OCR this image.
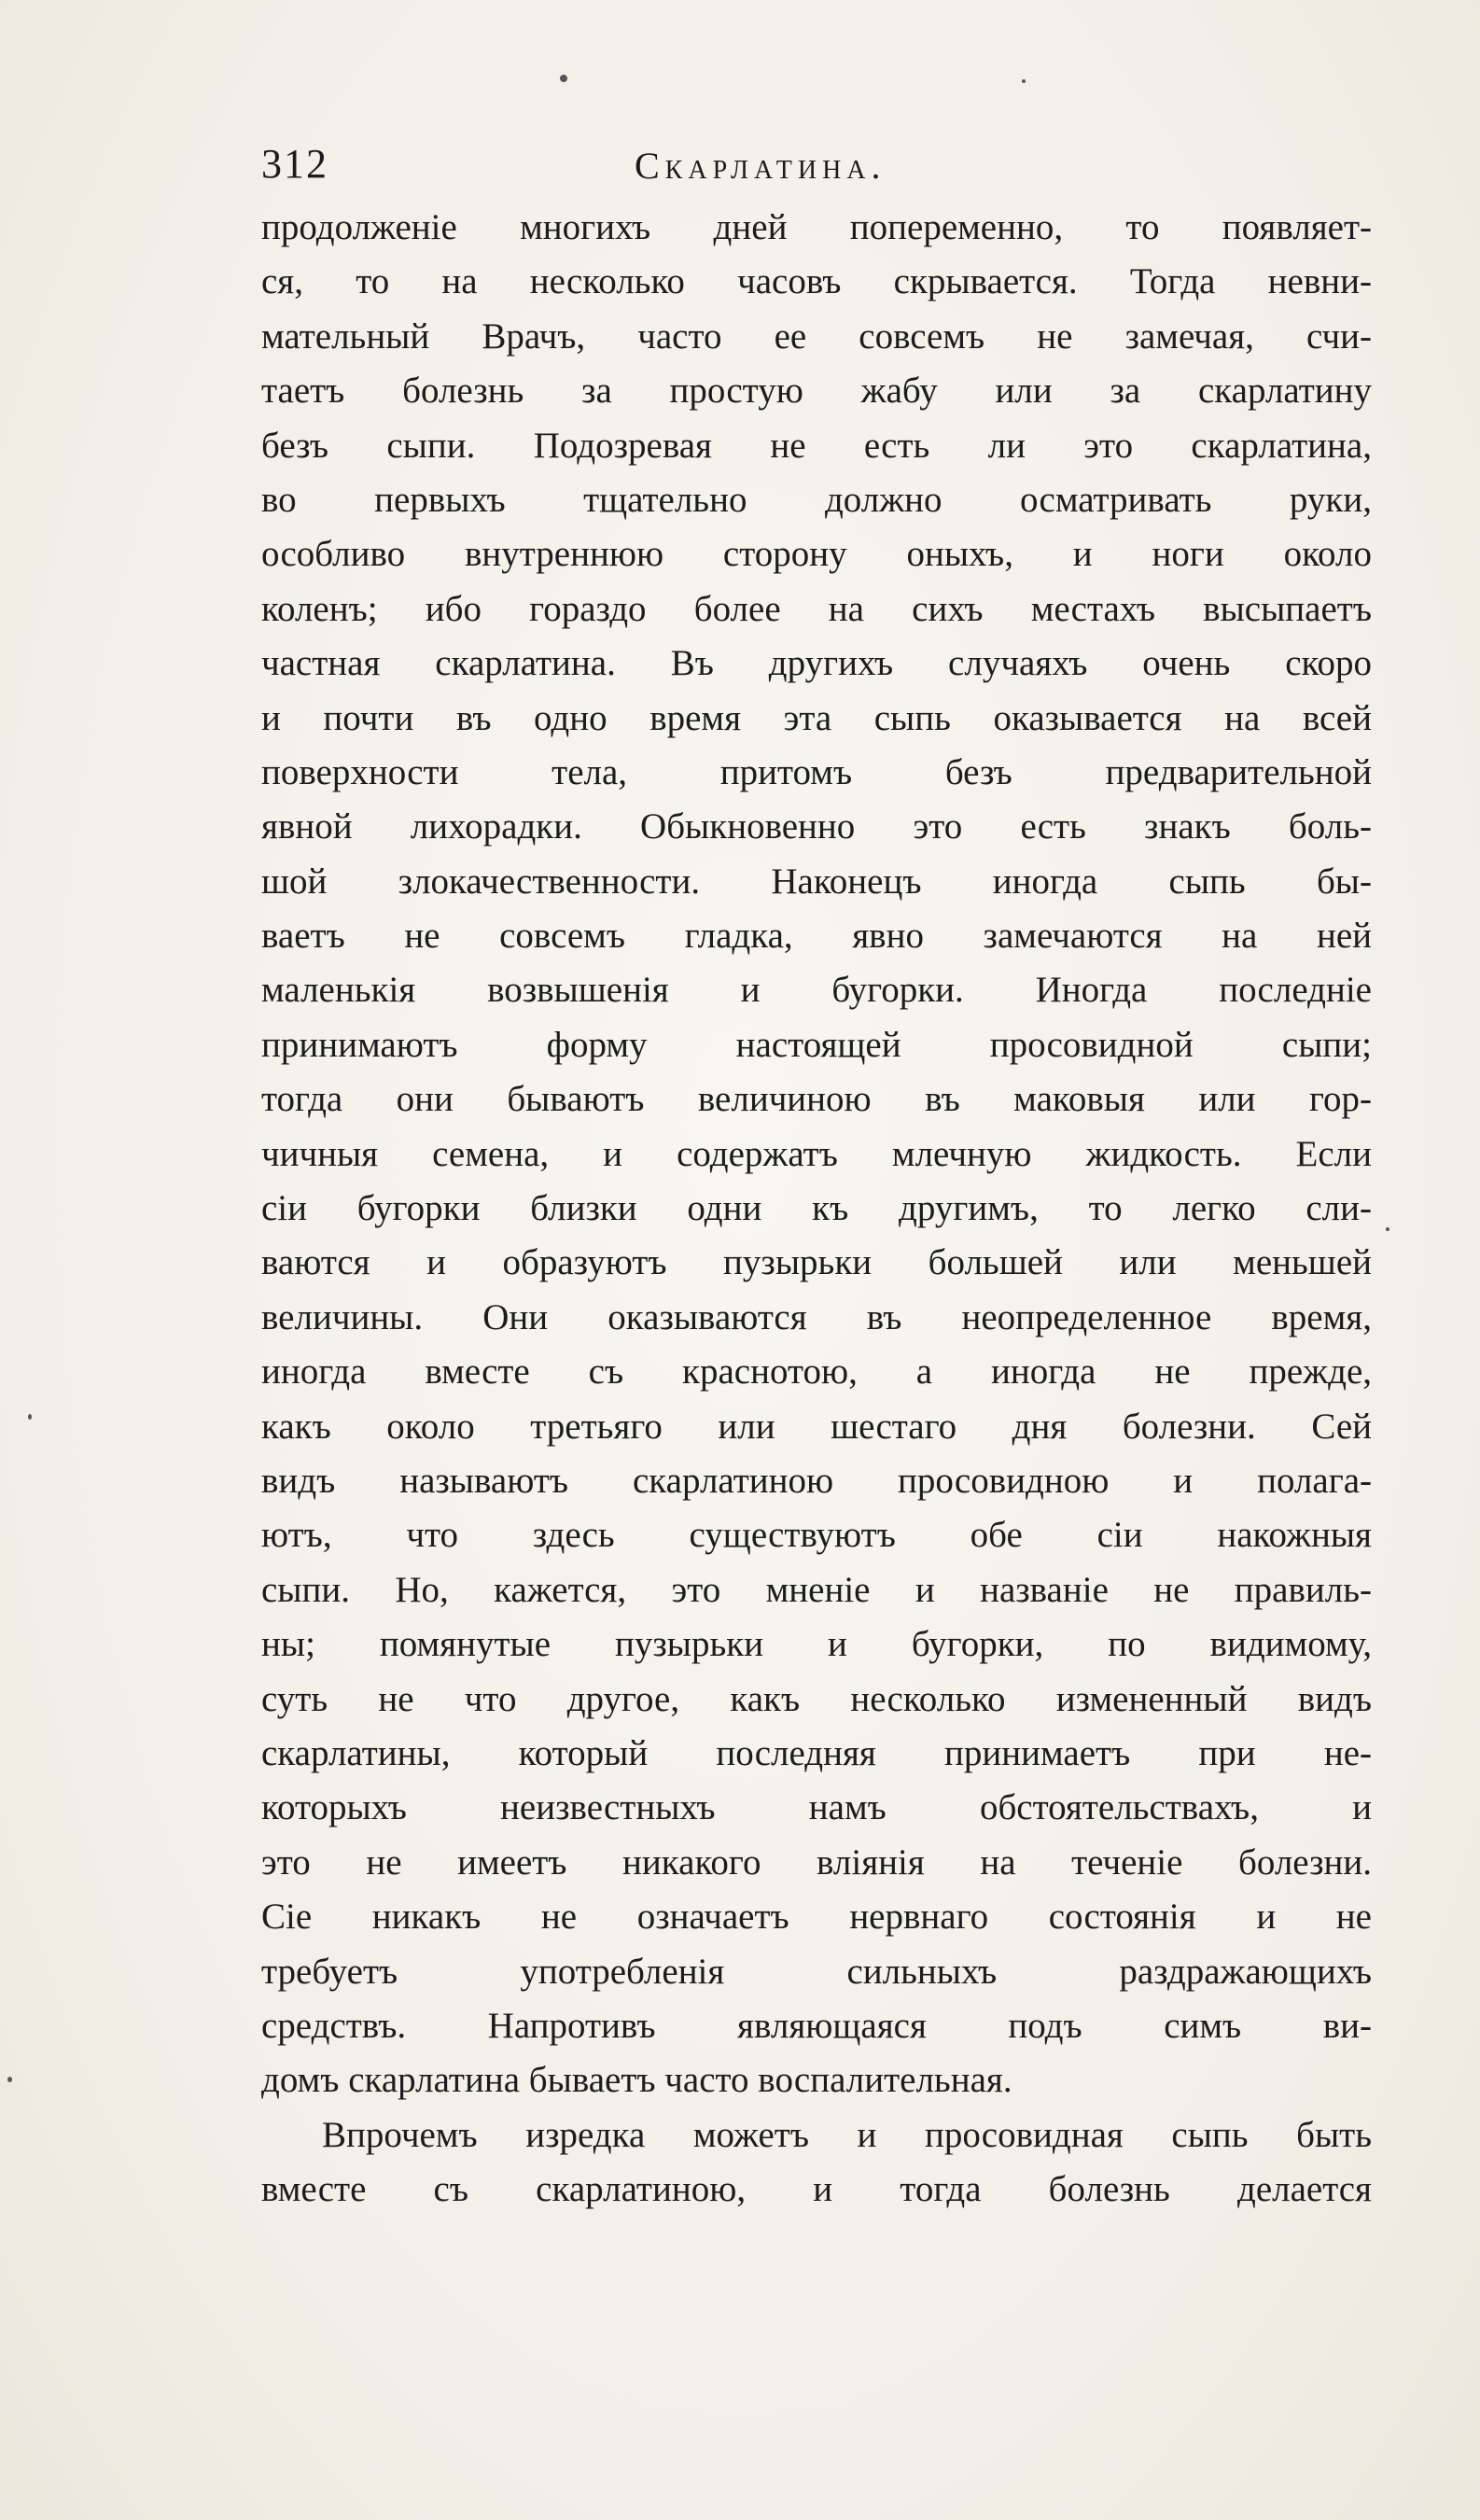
312	Скарлатина.
продолженіе многихъ дней попеременно, то появляет-
ся, то на несколько часовъ скрывается. Тогда невни-
мательный Врачъ, часто ее совсемъ не замечая, счи-
таетъ болезнь за простую жабу или за скарлатину
безъ сыпи. Подозревая не есть ли это скарлатина,
во первыхъ тщательно должно осматривать руки,
особливо внутреннюю сторону оныхъ, и ноги около
коленъ; ибо гораздо более на сихъ местахъ высыпаетъ
частная скарлатина. Въ другихъ случаяхъ очень скоро
и почти въ одно время эта сыпь оказывается на всей
поверхности тела, притомъ безъ предварительной
явной лихорадки. Обыкновенно это есть знакъ боль-
шой злокачественности. Наконецъ иногда сыпь бы-
ваетъ не совсемъ гладка, явно замечаются на ней
маленькія возвышенія и бугорки. Иногда последніе
принимаютъ форму настоящей просовидной сыпи;
тогда они бываютъ величиною въ маковыя или гор-
чичныя семена, и содержатъ млечную жидкость. Если
сіи бугорки близки одни къ другимъ, то легко сли-
ваются и образуютъ пузырьки большей или меньшей
величины. Они оказываются въ неопределенное время,
иногда вместе съ краснотою, а иногда не прежде,
какъ около третьяго или шестаго дня болезни. Сей
видъ называютъ скарлатиною просовидною и полага-
ютъ, что здесь существуютъ обе сіи накожныя
сыпи. Но, кажется, это мненіе и названіе не правиль-
ны; помянутые пузырьки и бугорки, по видимому,
суть не что другое, какъ несколько измененный видъ
скарлатины, который последняя принимаетъ при не-
которыхъ неизвестныхъ намъ обстоятельствахъ, и
это не имеетъ никакого вліянія на теченіе болезни.
Сіе никакъ не означаетъ нервнаго состоянія и не
требуетъ употребленія сильныхъ раздражающихъ
средствъ. Напротивъ являющаяся подъ симъ ви-
домъ скарлатина бываетъ часто воспалительная.
Впрочемъ изредка можетъ и просовидная сыпь быть
вместе съ скарлатиною, и тогда болезнь делается
